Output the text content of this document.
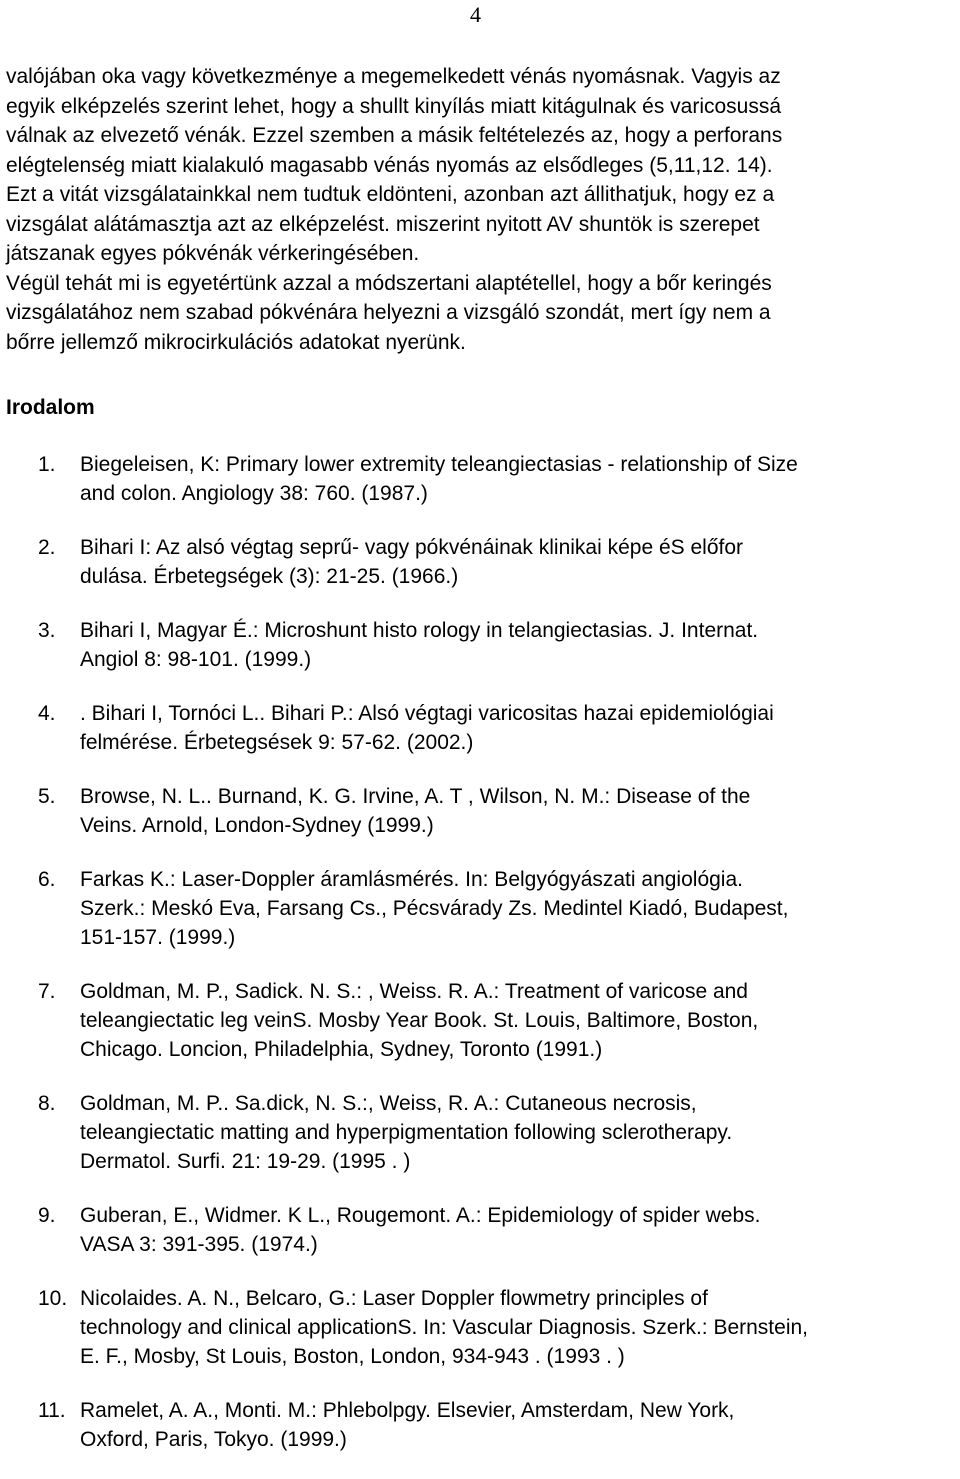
4
valójában oka vagy következménye a megemelkedett vénás nyomásnak. Vagyis az
egyik elképzelés szerint lehet, hogy a shullt kinyílás miatt kitágulnak és varicosussá
válnak az elvezető vénák. Ezzel szemben a másik feltételezés az, hogy a perforans
elégtelenség miatt kialakuló magasabb vénás nyomás az elsődleges (5,11,12. 14).
Ezt a vitát vizsgálatainkkal nem tudtuk eldönteni, azonban azt állithatjuk, hogy ez a
vizsgálat alátámasztja azt az elképzelést. miszerint nyitott AV shuntök is szerepet
játszanak egyes pókvénák vérkeringésében.
Végül tehát mi is egyetértünk azzal a módszertani alaptétellel, hogy a bőr keringés
vizsgálatához nem szabad pókvénára helyezni a vizsgáló szondát, mert így nem a
bőrre jellemző mikrocirkulációs adatokat nyerünk.
Irodalom
1. Biegeleisen, K: Primary lower extremity teleangiectasias - relationship of Size
and colon. Angiology 38: 760. (1987.)
2. Bihari I: Az alsó végtag seprű- vagy pókvénáinak klinikai képe éS előfor
dulása. Érbetegségek (3): 21-25. (1966.)
3. Bihari I, Magyar É.: Microshunt histo rology in telangiectasias. J. Internat.
Angiol 8: 98-101. (1999.)
4. . Bihari I, Tornóci L.. Bihari P.: Alsó végtagi varicositas hazai epidemiológiai
felmérése. Érbetegsések 9: 57-62. (2002.)
5. Browse, N. L.. Burnand, K. G. Irvine, A. T , Wilson, N. M.: Disease of the
Veins. Arnold, London-Sydney (1999.)
6. Farkas K.: Laser-Doppler áramlásmérés. In: Belgyógyászati angiológia.
Szerk.: Meskó Eva, Farsang Cs., Pécsvárady Zs. Medintel Kiadó, Budapest,
151-157. (1999.)
7. Goldman, M. P., Sadick. N. S.: , Weiss. R. A.: Treatment of varicose and
teleangiectatic leg veinS. Mosby Year Book. St. Louis, Baltimore, Boston,
Chicago. Loncion, Philadelphia, Sydney, Toronto (1991.)
8. Goldman, M. P.. Sa.dick, N. S.:, Weiss, R. A.: Cutaneous necrosis,
teleangiectatic matting and hyperpigmentation following sclerotherapy.
Dermatol. Surfi. 21: 19-29. (1995 . )
9. Guberan, E., Widmer. K L., Rougemont. A.: Epidemiology of spider webs.
VASA 3: 391-395. (1974.)
10. Nicolaides. A. N., Belcaro, G.: Laser Doppler flowmetry principles of
technology and clinical applicationS. In: Vascular Diagnosis. Szerk.: Bernstein,
E. F., Mosby, St Louis, Boston, London, 934-943 . (1993 . )
11. Ramelet, A. A., Monti. M.: Phlebolpgy. Elsevier, Amsterdam, New York,
Oxford, Paris, Tokyo. (1999.)
